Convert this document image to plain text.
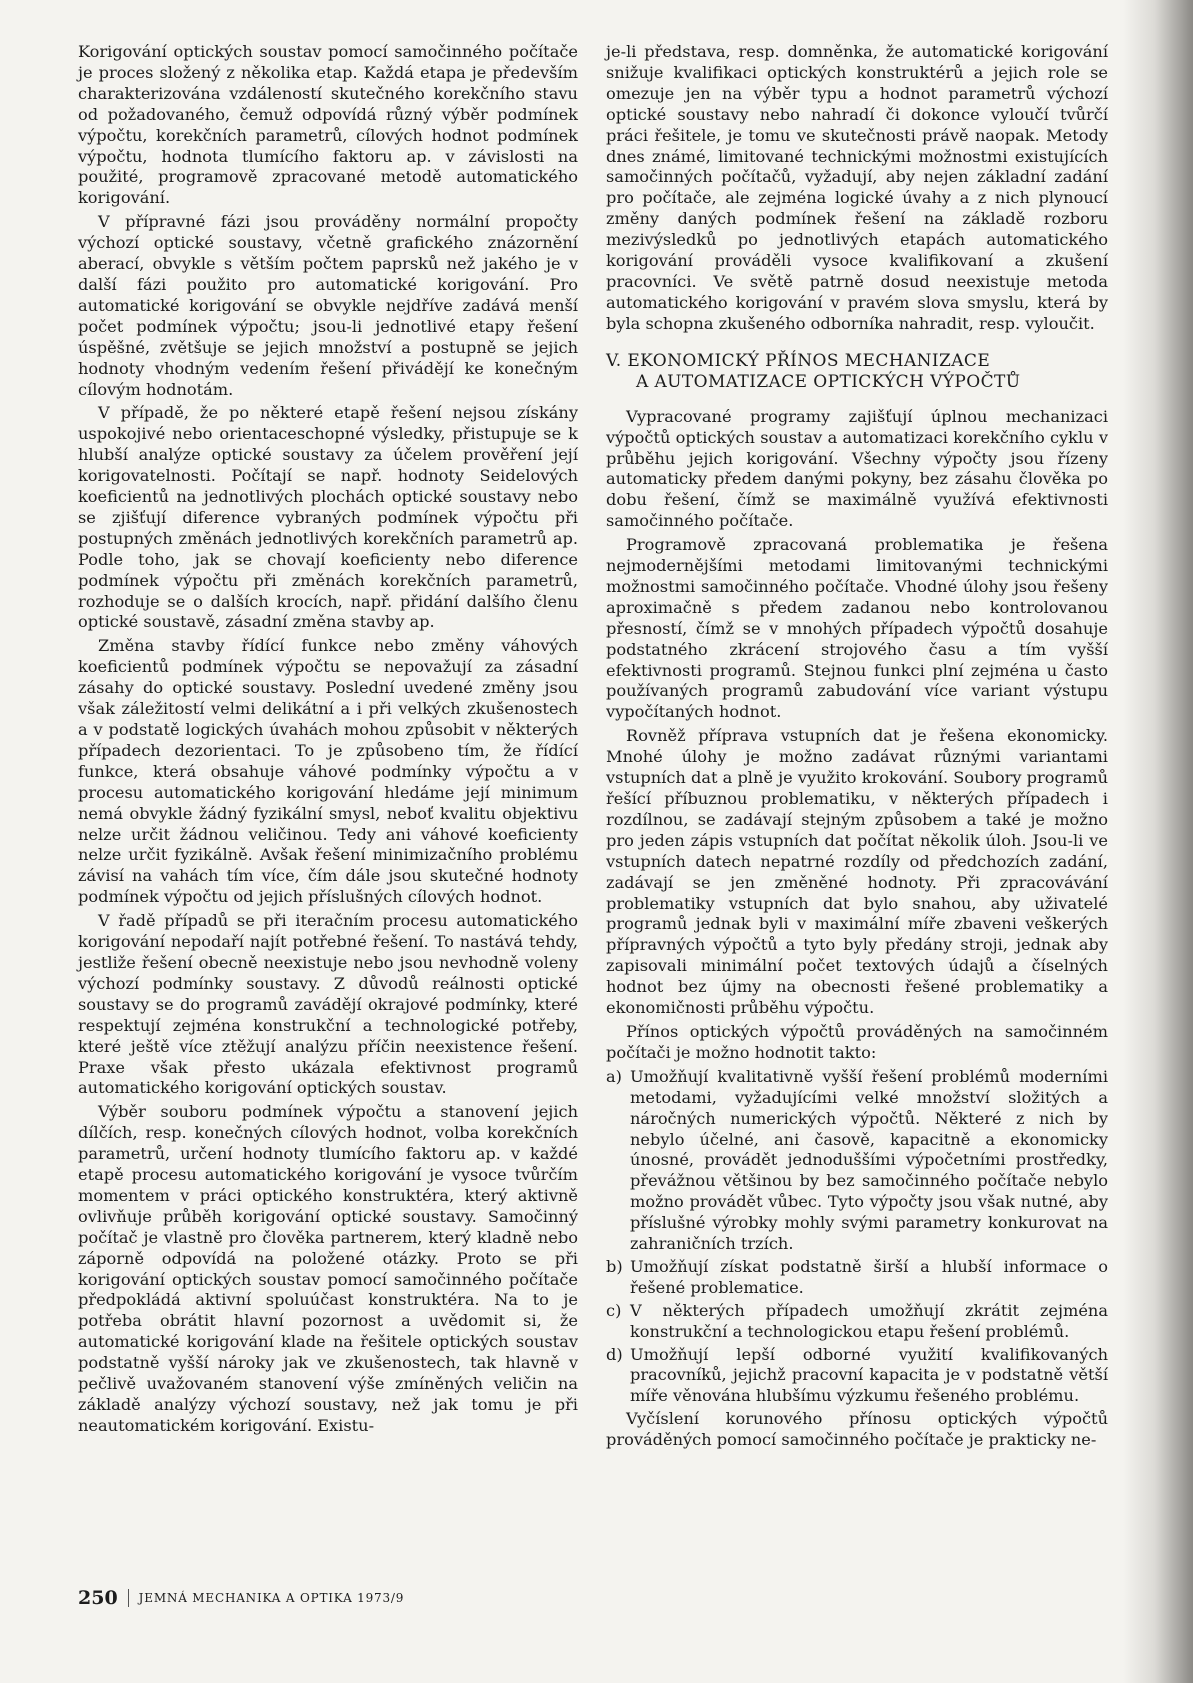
Korigování optických soustav pomocí samočinného počítače je proces složený z několika etap. Každá etapa je především charakterizována vzdáleností skutečného korekčního stavu od požadovaného, čemuž odpovídá různý výběr podmínek výpočtu, korekčních parametrů, cílových hodnot podmínek výpočtu, hodnota tlumícího faktoru ap. v závislosti na použité, programově zpracované metodě automatického korigování.

V přípravné fázi jsou prováděny normální propočty výchozí optické soustavy, včetně grafického znázornění aberací, obvykle s větším počtem paprsků než jakého je v další fázi použito pro automatické korigování. Pro automatické korigování se obvykle nejdříve zadává menší počet podmínek výpočtu; jsou-li jednotlivé etapy řešení úspěšné, zvětšuje se jejich množství a postupně se jejich hodnoty vhodným vedením řešení přivádějí ke konečným cílovým hodnotám.

V případě, že po některé etapě řešení nejsou získány uspokojivé nebo orientaceschopné výsledky, přistupuje se k hlubší analýze optické soustavy za účelem prověření její korigovatelnosti. Počítají se např. hodnoty Seidelových koeficientů na jednotlivých plochách optické soustavy nebo se zjišťují diference vybraných podmínek výpočtu při postupných změnách jednotlivých korekčních parametrů ap. Podle toho, jak se chovají koeficienty nebo diference podmínek výpočtu při změnách korekčních parametrů, rozhoduje se o dalších krocích, např. přidání dalšího členu optické soustavě, zásadní změna stavby ap.

Změna stavby řídící funkce nebo změny váhových koeficientů podmínek výpočtu se nepovažují za zásadní zásahy do optické soustavy. Poslední uvedené změny jsou však záležitostí velmi delikátní a i při velkých zkušenostech a v podstatě logických úvahách mohou způsobit v některých případech dezorientaci. To je způsobeno tím, že řídící funkce, která obsahuje váhové podmínky výpočtu a v procesu automatického korigování hledáme její minimum nemá obvykle žádný fyzikální smysl, neboť kvalitu objektivu nelze určit žádnou veličinou. Tedy ani váhové koeficienty nelze určit fyzikálně. Avšak řešení minimizačního problému závisí na vahách tím více, čím dále jsou skutečné hodnoty podmínek výpočtu od jejich příslušných cílových hodnot.

V řadě případů se při iteračním procesu automatického korigování nepodaří najít potřebné řešení. To nastává tehdy, jestliže řešení obecně neexistuje nebo jsou nevhodně voleny výchozí podmínky soustavy. Z důvodů reálnosti optické soustavy se do programů zavádějí okrajové podmínky, které respektují zejména konstrukční a technologické potřeby, které ještě více ztěžují analýzu příčin neexistence řešení. Praxe však přesto ukázala efektivnost programů automatického korigování optických soustav.

Výběr souboru podmínek výpočtu a stanovení jejich dílčích, resp. konečných cílových hodnot, volba korekčních parametrů, určení hodnoty tlumícího faktoru ap. v každé etapě procesu automatického korigování je vysoce tvůrčím momentem v práci optického konstruktéra, který aktivně ovlivňuje průběh korigování optické soustavy. Samočinný počítač je vlastně pro člověka partnerem, který kladně nebo záporně odpovídá na položené otázky. Proto se při korigování optických soustav pomocí samočinného počítače předpokládá aktivní spoluúčast konstruktéra. Na to je potřeba obrátit hlavní pozornost a uvědomit si, že automatické korigování klade na řešitele optických soustav podstatně vyšší nároky jak ve zkušenostech, tak hlavně v pečlivě uvažovaném stanovení výše zmíněných veličin na základě analýzy výchozí soustavy, než jak tomu je při neautomatickém korigování. Existu-

je-li představa, resp. domněnka, že automatické korigování snižuje kvalifikaci optických konstruktérů a jejich role se omezuje jen na výběr typu a hodnot parametrů výchozí optické soustavy nebo nahradí či dokonce vyloučí tvůrčí práci řešitele, je tomu ve skutečnosti právě naopak. Metody dnes známé, limitované technickými možnostmi existujících samočinných počítačů, vyžadují, aby nejen základní zadání pro počítače, ale zejména logické úvahy a z nich plynoucí změny daných podmínek řešení na základě rozboru mezivýsledků po jednotlivých etapách automatického korigování prováděli vysoce kvalifikovaní a zkušení pracovníci. Ve světě patrně dosud neexistuje metoda automatického korigování v pravém slova smyslu, která by byla schopna zkušeného odborníka nahradit, resp. vyloučit.

V. EKONOMICKÝ PŘÍNOS MECHANIZACE
A AUTOMATIZACE OPTICKÝCH VÝPOČTŮ

Vypracované programy zajišťují úplnou mechanizaci výpočtů optických soustav a automatizaci korekčního cyklu v průběhu jejich korigování. Všechny výpočty jsou řízeny automaticky předem danými pokyny, bez zásahu člověka po dobu řešení, čímž se maximálně využívá efektivnosti samočinného počítače.

Programově zpracovaná problematika je řešena nejmodernějšími metodami limitovanými technickými možnostmi samočinného počítače. Vhodné úlohy jsou řešeny aproximačně s předem zadanou nebo kontrolovanou přesností, čímž se v mnohých případech výpočtů dosahuje podstatného zkrácení strojového času a tím vyšší efektivnosti programů. Stejnou funkci plní zejména u často používaných programů zabudování více variant výstupu vypočítaných hodnot.

Rovněž příprava vstupních dat je řešena ekonomicky. Mnohé úlohy je možno zadávat různými variantami vstupních dat a plně je využito krokování. Soubory programů řešící příbuznou problematiku, v některých případech i rozdílnou, se zadávají stejným způsobem a také je možno pro jeden zápis vstupních dat počítat několik úloh. Jsou-li ve vstupních datech nepatrné rozdíly od předchozích zadání, zadávají se jen změněné hodnoty. Při zpracovávání problematiky vstupních dat bylo snahou, aby uživatelé programů jednak byli v maximální míře zbaveni veškerých přípravných výpočtů a tyto byly předány stroji, jednak aby zapisovali minimální počet textových údajů a číselných hodnot bez újmy na obecnosti řešené problematiky a ekonomičnosti průběhu výpočtu.

Přínos optických výpočtů prováděných na samočinném počítači je možno hodnotit takto:

a) Umožňují kvalitativně vyšší řešení problémů moderními metodami, vyžadujícími velké množství složitých a náročných numerických výpočtů. Některé z nich by nebylo účelné, ani časově, kapacitně a ekonomicky únosné, provádět jednoduššími výpočetními prostředky, převážnou většinou by bez samočinného počítače nebylo možno provádět vůbec. Tyto výpočty jsou však nutné, aby příslušné výrobky mohly svými parametry konkurovat na zahraničních trzích.
b) Umožňují získat podstatně širší a hlubší informace o řešené problematice.
c) V některých případech umožňují zkrátit zejména konstrukční a technologickou etapu řešení problémů.
d) Umožňují lepší odborné využití kvalifikovaných pracovníků, jejichž pracovní kapacita je v podstatně větší míře věnována hlubšímu výzkumu řešeného problému.

Vyčíslení korunového přínosu optických výpočtů prováděných pomocí samočinného počítače je prakticky ne-

250 JEMNÁ MECHANIKA A OPTIKA 1973/9
